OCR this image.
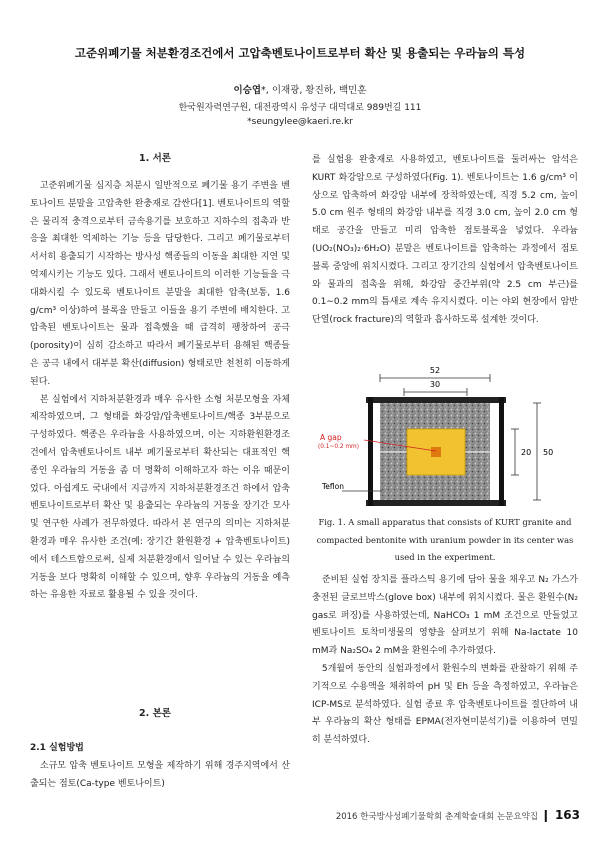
고준위폐기물 처분환경조건에서 고압축벤토나이트로부터 확산 및 용출되는 우라늄의 특성
이승엽*, 이재광, 황진하, 백민훈
한국원자력연구원, 대전광역시 유성구 대덕대로 989번길 111
*seungylee@kaeri.re.kr
1. 서론

고준위폐기물 심지층 처분시 일반적으로 폐기물 용기 주변을 벤토나이트 분말을 고압축한 완충재로 감싼다[1]. 벤토나이트의 역할은 물리적 충격으로부터 금속용기를 보호하고 지하수의 접촉과 반응을 최대한 억제하는 기능 등을 담당한다. 그리고 폐기물로부터 서서히 용출되기 시작하는 방사성 핵종들의 이동을 최대한 지연 및 억제시키는 기능도 있다. 그래서 벤토나이트의 이러한 기능들을 극대화시킬 수 있도록 벤토나이트 분말을 최대한 압축(보통, 1.6 g/cm³ 이상)하여 블록을 만들고 이들을 용기 주변에 배치한다. 고압축된 벤토나이트는 물과 접촉했을 때 급격히 팽창하여 공극(porosity)이 심히 감소하고 따라서 폐기물로부터 용해된 핵종들은 공극 내에서 대부분 확산(diffusion) 형태로만 천천히 이동하게 된다.

본 실험에서 지하처분환경과 매우 유사한 소형 처분모형을 자체 제작하였으며, 그 형태를 화강암/압축벤토나이트/핵종 3부분으로 구성하였다. 핵종은 우라늄을 사용하였으며, 이는 지하환원환경조건에서 압축벤토나이트 내부 폐기물로부터 확산되는 대표적인 핵종인 우라늄의 거동을 좀 더 명확히 이해하고자 하는 이유 때문이었다. 아쉽게도 국내에서 지금까지 지하처분환경조건 하에서 압축벤토나이트로부터 확산 및 용출되는 우라늄의 거동을 장기간 모사 및 연구한 사례가 전무하였다. 따라서 본 연구의 의미는 지하처분환경과 매우 유사한 조건(예: 장기간 환원환경 + 압축벤토나이트)에서 테스트함으로써, 실제 처분환경에서 일어날 수 있는 우라늄의 거동을 보다 명확히 이해할 수 있으며, 향후 우라늄의 거동을 예측하는 유용한 자료로 활용될 수 있을 것이다.

2. 본론
2.1 실험방법

소규모 압축 벤토나이트 모형을 제작하기 위해 경주지역에서 산출되는 점토(Ca-type 벤토나이트)

를 실험용 완충재로 사용하였고, 벤토나이트를 둘러싸는 암석은 KURT 화강암으로 구성하였다(Fig. 1). 벤토나이트는 1.6 g/cm³ 이상으로 압축하여 화강암 내부에 장착하였는데, 직경 5.2 cm, 높이 5.0 cm 원주 형태의 화강암 내부를 직경 3.0 cm, 높이 2.0 cm 형태로 공간을 만들고 미리 압축한 점토블록을 넣었다. 우라늄(UO₂(NO₃)₂·6H₂O) 분말은 벤토나이트를 압축하는 과정에서 점토블록 중앙에 위치시켰다. 그리고 장기간의 실험에서 압축벤토나이트와 물과의 접촉을 위해, 화강암 중간부위(약 2.5 cm 부근)를 0.1∼0.2 mm의 틈새로 계속 유지시켰다. 이는 야외 현장에서 암반단열(rock fracture)의 역할과 흡사하도록 설계한 것이다.

52
30
Teflon
A gap
(0.1~0.2 mm)
20 50
Fig. 1. A small apparatus that consists of KURT granite and compacted bentonite with uranium powder in its center was used in the experiment.

준비된 실험 장치를 플라스틱 용기에 담아 물을 채우고 N₂ 가스가 충전된 글로브박스(glove box) 내부에 위치시켰다. 물은 환원수(N₂ gas로 퍼징)를 사용하였는데, NaHCO₃ 1 mM 조건으로 만들었고 벤토나이트 토착미생물의 영향을 살펴보기 위해 Na-lactate 10 mM과 Na₂SO₄ 2 mM을 환원수에 추가하였다.

5개월여 동안의 실험과정에서 환원수의 변화를 관찰하기 위해 주기적으로 수용액을 채취하여 pH 및 Eh 등을 측정하였고, 우라늄은 ICP-MS로 분석하였다. 실험 종료 후 압축벤토나이트를 절단하여 내부 우라늄의 확산 형태를 EPMA(전자현미분석기)를 이용하여 면밀히 분석하였다.

2016 한국방사성폐기물학회 춘계학술대회 논문요약집 ❙ 163
